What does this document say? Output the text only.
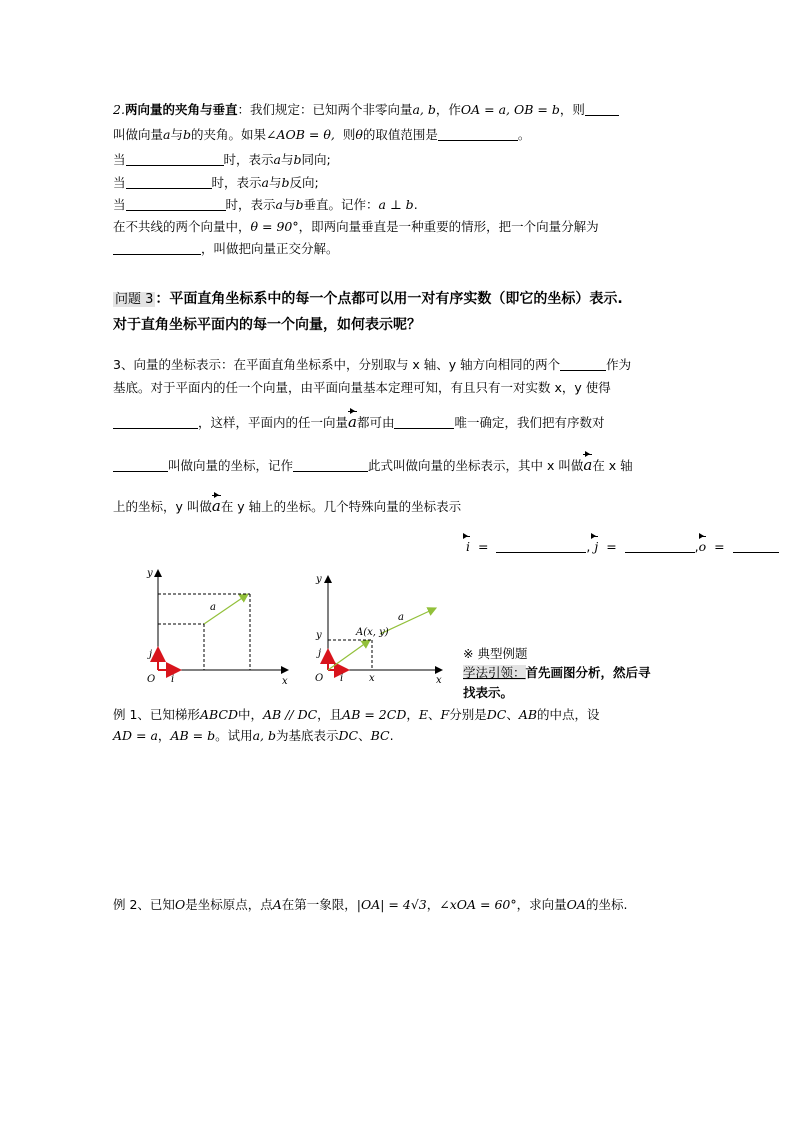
2.两向量的夹角与垂直：我们规定：已知两个非零向量a, b，作OA = a, OB = b，则
叫做向量a与b的夹角。如果∠AOB = θ, 则θ的取值范围是	。
当	时，表示a与b同向;
当	时，表示a与b反向;
当	时，表示a与b垂直。记作：a ⊥ b.
在不共线的两个向量中，θ = 90°，即两向量垂直是一种重要的情形，把一个向量分解为
，叫做把向量正交分解。
问题 3 ：平面直角坐标系中的每一个点都可以用一对有序实数（即它的坐标）表示.
对于直角坐标平面内的每一个向量，如何表示呢？
3、向量的坐标表示：在平面直角坐标系中，分别取与 x 轴、y 轴方向相同的两个	作为
基底。对于平面内的任一个向量，由平面向量基本定理可知，有且只有一对实数 x，y 使得
，这样，平面内的任一向量a都可由	唯一确定，我们把有序数对
叫做向量的坐标，记作	此式叫做向量的坐标表示，其中 x 叫做a在 x 轴
上的坐标，y 叫做a在 y 轴上的坐标。几个特殊向量的坐标表示
i =	, j =	,o =
y
x
a
j
i
O
y
x
a
j
i
O
A(x, y)
x
y
※ 典型例题
学法引领：首先画图分析，然后寻
找表示。
例 1、已知梯形ABCD中，AB // DC，且AB = 2CD，E、F分别是DC、AB的中点，设
AD = a，AB = b。试用a, b为基底表示DC、BC.
例 2、已知O是坐标原点，点A在第一象限，|OA| = 4√3，∠xOA = 60°，求向量OA的坐标.
